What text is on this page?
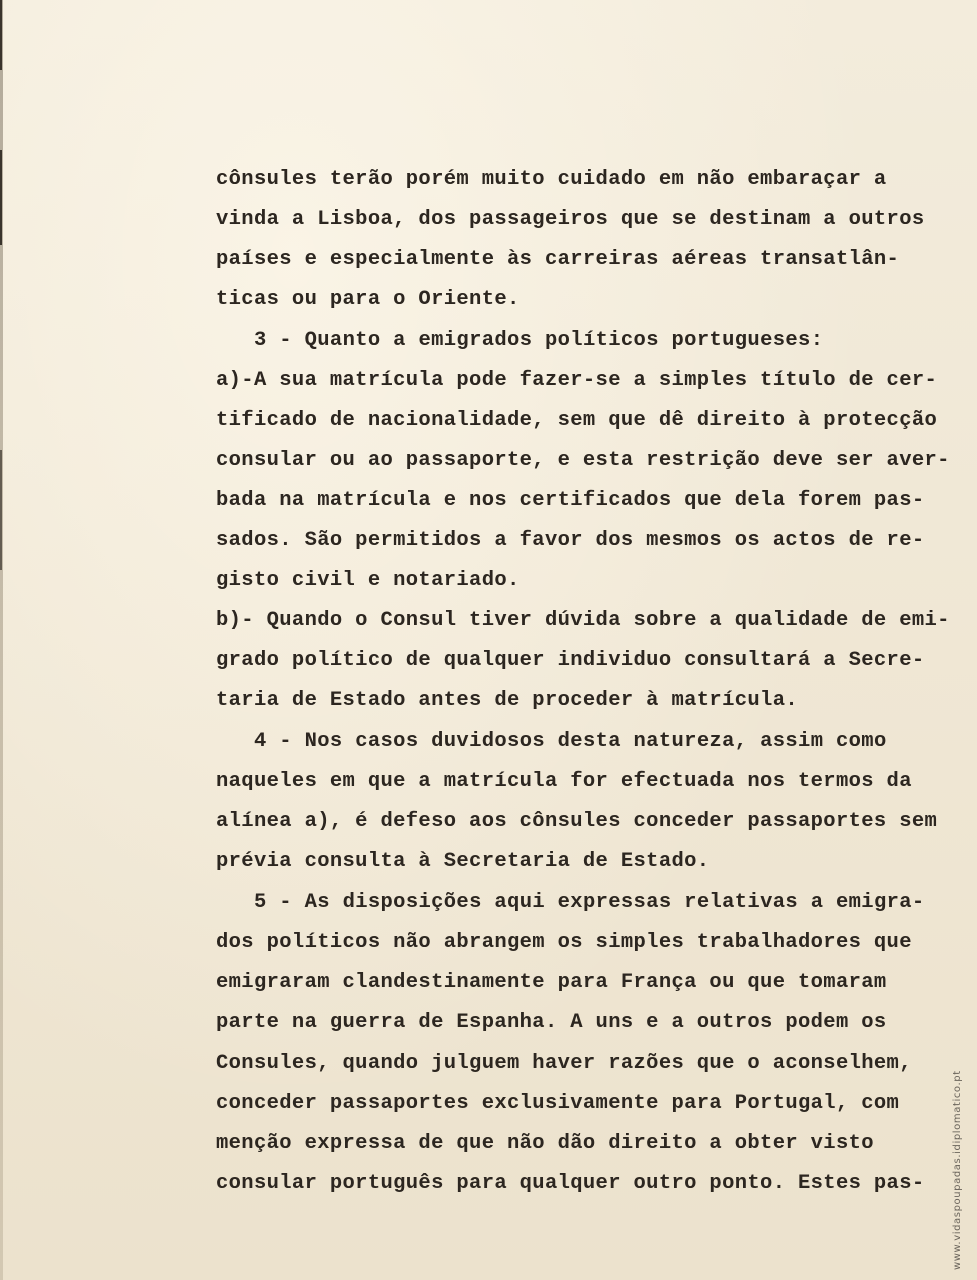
cônsules terão porém muito cuidado em não embaraçar a
vinda a Lisboa, dos passageiros que se destinam a outros
países e especialmente às carreiras aéreas transatlân-
ticas ou para o Oriente.
3 - Quanto a emigrados políticos portugueses:
a)-A sua matrícula pode fazer-se a simples título de cer-
tificado de nacionalidade, sem que dê direito à protecção
consular ou ao passaporte, e esta restrição deve ser aver-
bada na matrícula e nos certificados que dela forem pas-
sados. São permitidos a favor dos mesmos os actos de re-
gisto civil e notariado.
b)- Quando o Consul tiver dúvida sobre a qualidade de emi-
grado político de qualquer individuo consultará a Secre-
taria de Estado antes de proceder à matrícula.
4 - Nos casos duvidosos desta natureza, assim como
naqueles em que a matrícula for efectuada nos termos da
alínea a), é defeso aos cônsules conceder passaportes sem
prévia consulta à Secretaria de Estado.
5 - As disposições aqui expressas relativas a emigra-
dos políticos não abrangem os simples trabalhadores que
emigraram clandestinamente para França ou que tomaram
parte na guerra de Espanha. A uns e a outros podem os
Consules, quando julguem haver razões que o aconselhem,
conceder passaportes exclusivamente para Portugal, com
menção expressa de que não dão direito a obter visto
consular português para qualquer outro ponto. Estes pas-	www.vidaspoupadas.idiplomatico.pt
